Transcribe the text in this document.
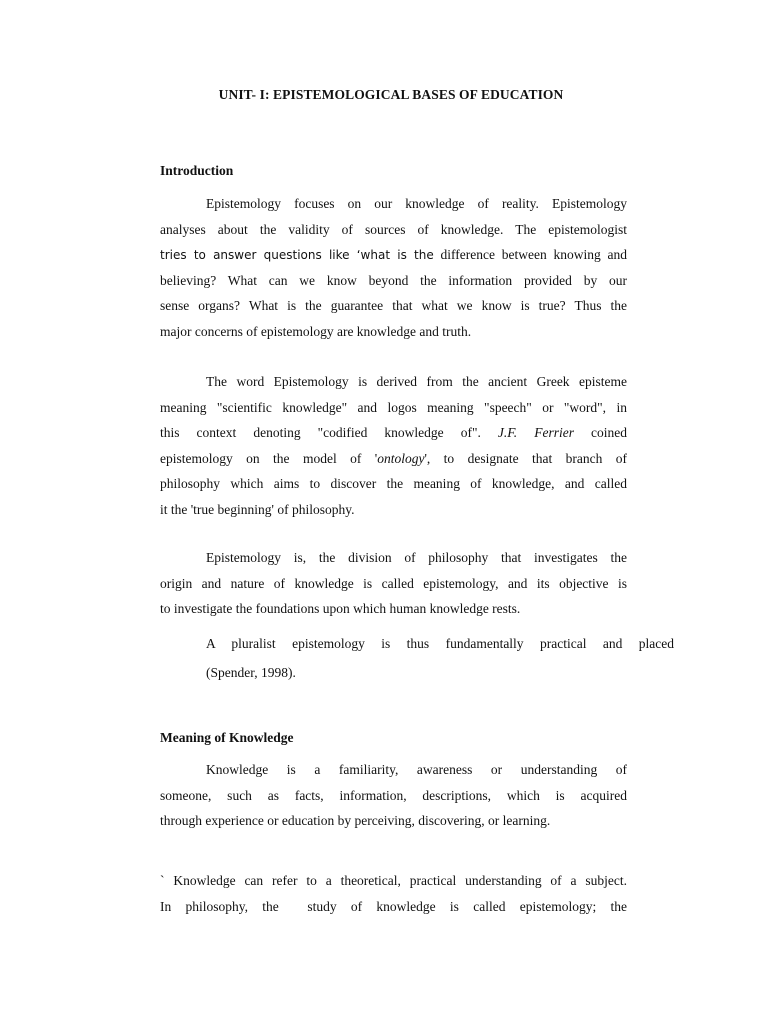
UNIT- I: EPISTEMOLOGICAL BASES OF EDUCATION
Introduction
Epistemology focuses on our knowledge of reality. Epistemology
analyses about the validity of sources of knowledge. The epistemologist
tries to answer questions like ‘what is the difference between knowing and
believing? What can we know beyond the information provided by our
sense organs? What is the guarantee that what we know is true? Thus the
major concerns of epistemology are knowledge and truth.
The word Epistemology is derived from the ancient Greek episteme
meaning "scientific knowledge" and logos meaning "speech" or "word", in
this context denoting "codified knowledge of". J.F. Ferrier coined
epistemology on the model of 'ontology', to designate that branch of
philosophy which aims to discover the meaning of knowledge, and called
it the 'true beginning' of philosophy.
Epistemology is, the division of philosophy that investigates the
origin and nature of knowledge is called epistemology, and its objective is
to investigate the foundations upon which human knowledge rests.
A pluralist epistemology is thus fundamentally practical and placed
(Spender, 1998).
Meaning of Knowledge
Knowledge is a familiarity, awareness or understanding of
someone, such as facts, information, descriptions, which is acquired
through experience or education by perceiving, discovering, or learning.
` Knowledge can refer to a theoretical, practical understanding of a subject.
In philosophy, the  study of knowledge is called epistemology; the
